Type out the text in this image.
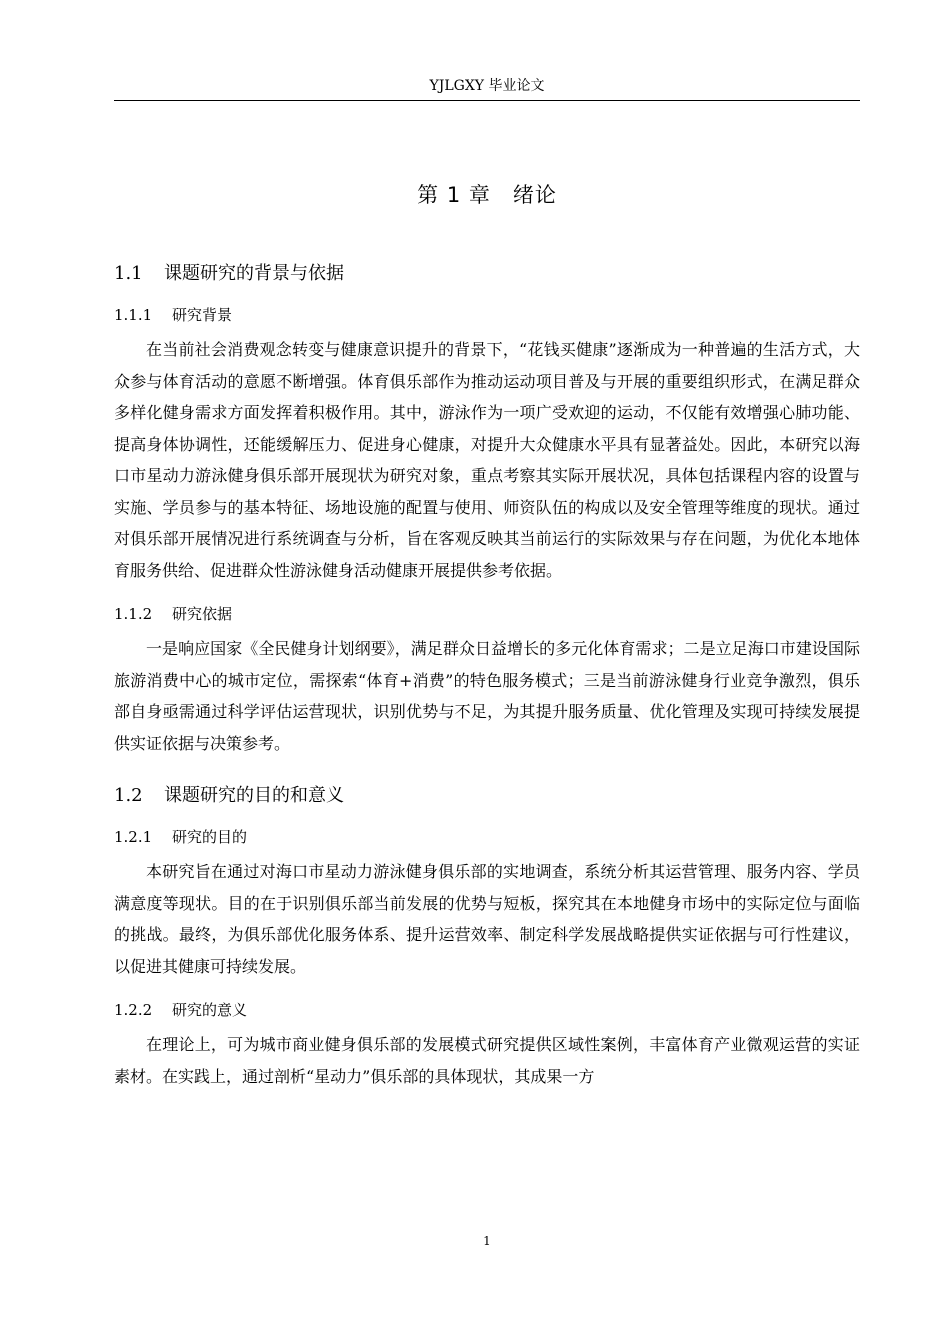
YJLGXY 毕业论文
第 1 章 绪论
1.1 课题研究的背景与依据
1.1.1 研究背景

在当前社会消费观念转变与健康意识提升的背景下，“花钱买健康”逐渐成为一种普遍的生活方式，大众参与体育活动的意愿不断增强。体育俱乐部作为推动运动项目普及与开展的重要组织形式，在满足群众多样化健身需求方面发挥着积极作用。其中，游泳作为一项广受欢迎的运动，不仅能有效增强心肺功能、提高身体协调性，还能缓解压力、促进身心健康，对提升大众健康水平具有显著益处。因此，本研究以海口市星动力游泳健身俱乐部开展现状为研究对象，重点考察其实际开展状况，具体包括课程内容的设置与实施、学员参与的基本特征、场地设施的配置与使用、师资队伍的构成以及安全管理等维度的现状。通过对俱乐部开展情况进行系统调查与分析，旨在客观反映其当前运行的实际效果与存在问题，为优化本地体育服务供给、促进群众性游泳健身活动健康开展提供参考依据。

1.1.2 研究依据

一是响应国家《全民健身计划纲要》，满足群众日益增长的多元化体育需求；二是立足海口市建设国际旅游消费中心的城市定位，需探索“体育+消费”的特色服务模式；三是当前游泳健身行业竞争激烈，俱乐部自身亟需通过科学评估运营现状，识别优势与不足，为其提升服务质量、优化管理及实现可持续发展提供实证依据与决策参考。

1.2 课题研究的目的和意义
1.2.1 研究的目的

本研究旨在通过对海口市星动力游泳健身俱乐部的实地调查，系统分析其运营管理、服务内容、学员满意度等现状。目的在于识别俱乐部当前发展的优势与短板，探究其在本地健身市场中的实际定位与面临的挑战。最终，为俱乐部优化服务体系、提升运营效率、制定科学发展战略提供实证依据与可行性建议，以促进其健康可持续发展。

1.2.2 研究的意义

在理论上，可为城市商业健身俱乐部的发展模式研究提供区域性案例，丰富体育产业微观运营的实证素材。在实践上，通过剖析“星动力”俱乐部的具体现状，其成果一方

1
